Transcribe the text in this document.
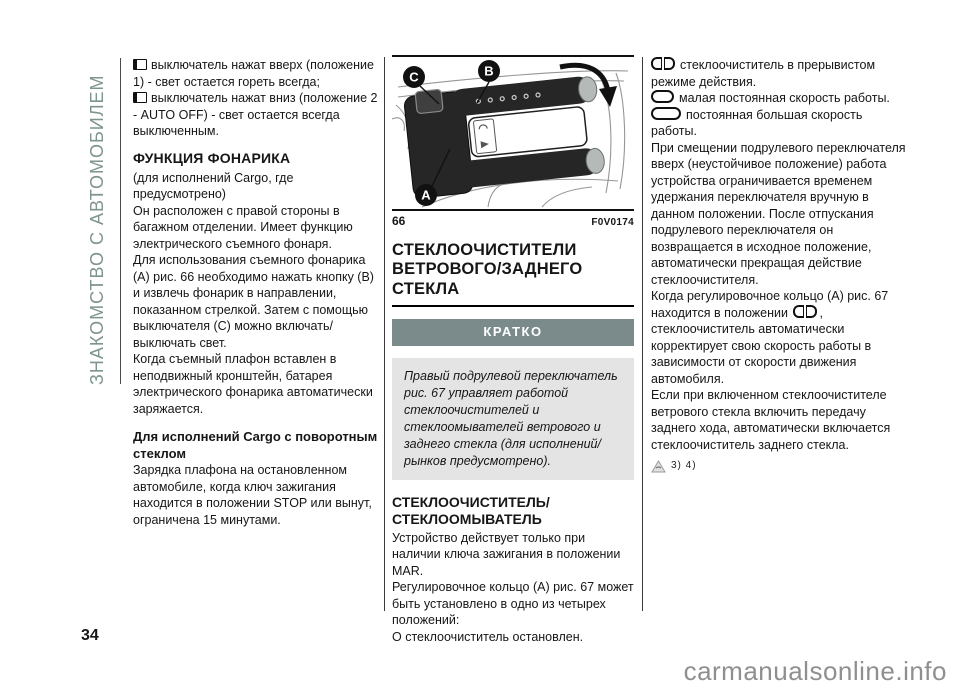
ЗНАКОМСТВО С АВТОМОБИЛЕМ

выключатель нажат вверх (положение 1) - свет остается гореть всегда;

выключатель нажат вниз (положение 2 - AUTO OFF) - свет остается всегда выключенным.

ФУНКЦИЯ ФОНАРИКА

(для исполнений Cargo, где предусмотрено)

Он расположен с правой стороны в багажном отделении. Имеет функцию электрического съемного фонаря.

Для использования съемного фонарика (A) рис. 66 необходимо нажать кнопку (B) и извлечь фонарик в направлении, показанном стрелкой. Затем с помощью выключателя (C) можно включать/ выключать свет.

Когда съемный плафон вставлен в неподвижный кронштейн, батарея электрического фонарика автоматически заряжается.

Для исполнений Cargo с поворотным стеклом

Зарядка плафона на остановленном автомобиле, когда ключ зажигания находится в положении STOP или вынут, ограничена 15 минутами.

C	B
A
66	F0V0174
СТЕКЛООЧИСТИТЕЛИ ВЕТРОВОГО/ЗАДНЕГО СТЕКЛА
КРАТКО
Правый подрулевой переключатель рис. 67 управляет работой стеклоочистителей и стеклоомывателей ветрового и заднего стекла (для исполнений/рынков предусмотрено).

СТЕКЛООЧИСТИТЕЛЬ/
СТЕКЛООМЫВАТЕЛЬ

Устройство действует только при наличии ключа зажигания в положении MAR.

Регулировочное кольцо (A) рис. 67 может быть установлено в одно из четырех положений:

O стеклоочиститель остановлен.

стеклоочиститель в прерывистом режиме действия.

малая постоянная скорость работы.

постоянная большая скорость работы.

При смещении подрулевого переключателя вверх (неустойчивое положение) работа устройства ограничивается временем удержания переключателя вручную в данном положении. После отпускания подрулевого переключателя он возвращается в исходное положение, автоматически прекращая действие стеклоочистителя.

Когда регулировочное кольцо (A) рис. 67 находится в положении	, стеклоочиститель автоматически корректирует свою скорость работы в зависимости от скорости движения автомобиля.

Если при включенном стеклоочистителе ветрового стекла включить передачу заднего хода, автоматически включается стеклоочиститель заднего стекла.

3) 4)
34
carmanualsonline.info
